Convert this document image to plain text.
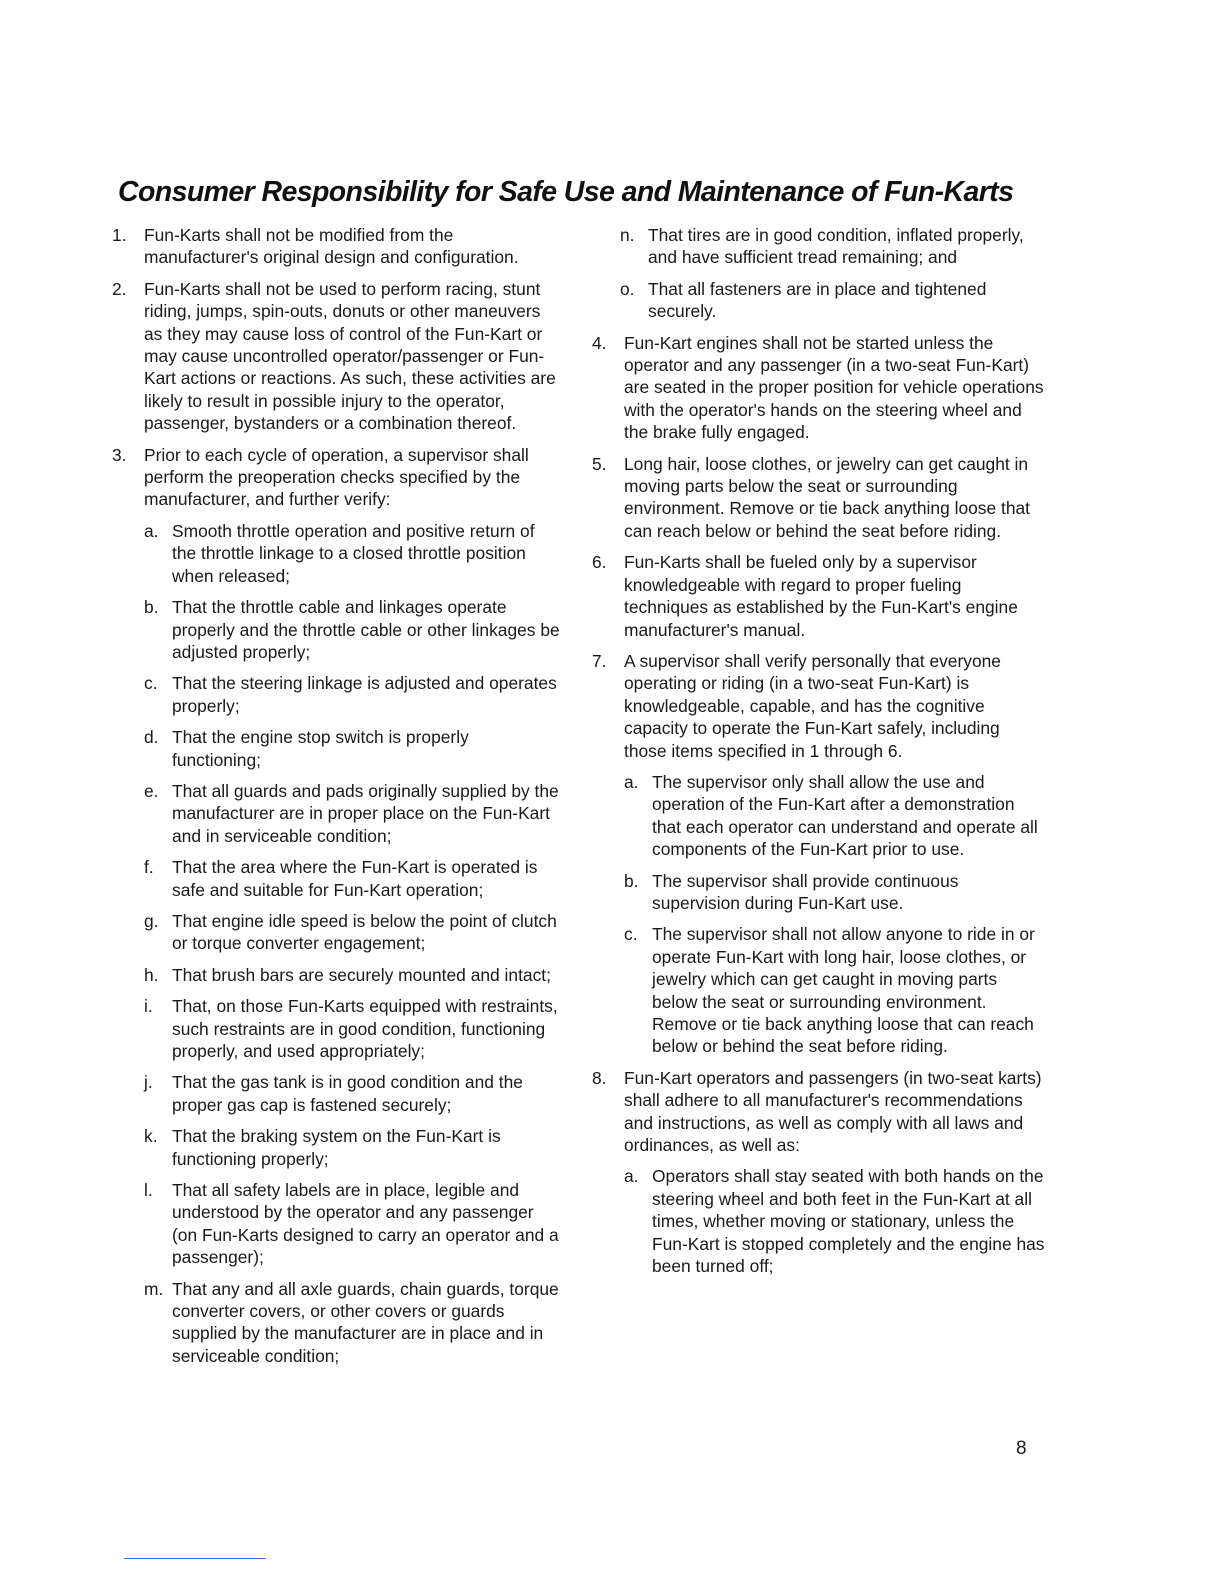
Consumer Responsibility for Safe Use and Maintenance of Fun-Karts
1. Fun-Karts shall not be modified from the manufacturer's original design and configuration.
2. Fun-Karts shall not be used to perform racing, stunt riding, jumps, spin-outs, donuts or other maneuvers as they may cause loss of control of the Fun-Kart or may cause uncontrolled operator/passenger or Fun-Kart actions or reactions. As such, these activities are likely to result in possible injury to the operator, passenger, bystanders or a combination thereof.
3. Prior to each cycle of operation, a supervisor shall perform the preoperation checks specified by the manufacturer, and further verify:
a. Smooth throttle operation and positive return of the throttle linkage to a closed throttle position when released;
b. That the throttle cable and linkages operate properly and the throttle cable or other linkages be adjusted properly;
c. That the steering linkage is adjusted and operates properly;
d. That the engine stop switch is properly functioning;
e. That all guards and pads originally supplied by the manufacturer are in proper place on the Fun-Kart and in serviceable condition;
f. That the area where the Fun-Kart is operated is safe and suitable for Fun-Kart operation;
g. That engine idle speed is below the point of clutch or torque converter engagement;
h. That brush bars are securely mounted and intact;
i. That, on those Fun-Karts equipped with restraints, such restraints are in good condition, functioning properly, and used appropriately;
j. That the gas tank is in good condition and the proper gas cap is fastened securely;
k. That the braking system on the Fun-Kart is functioning properly;
l. That all safety labels are in place, legible and understood by the operator and any passenger (on Fun-Karts designed to carry an operator and a passenger);
m. That any and all axle guards, chain guards, torque converter covers, or other covers or guards supplied by the manufacturer are in place and in serviceable condition;
n. That tires are in good condition, inflated properly, and have sufficient tread remaining; and
o. That all fasteners are in place and tightened securely.
4. Fun-Kart engines shall not be started unless the operator and any passenger (in a two-seat Fun-Kart) are seated in the proper position for vehicle operations with the operator's hands on the steering wheel and the brake fully engaged.
5. Long hair, loose clothes, or jewelry can get caught in moving parts below the seat or surrounding environment. Remove or tie back anything loose that can reach below or behind the seat before riding.
6. Fun-Karts shall be fueled only by a supervisor knowledgeable with regard to proper fueling techniques as established by the Fun-Kart's engine manufacturer's manual.
7. A supervisor shall verify personally that everyone operating or riding (in a two-seat Fun-Kart) is knowledgeable, capable, and has the cognitive capacity to operate the Fun-Kart safely, including those items specified in 1 through 6.
a. The supervisor only shall allow the use and operation of the Fun-Kart after a demonstration that each operator can understand and operate all components of the Fun-Kart prior to use.
b. The supervisor shall provide continuous supervision during Fun-Kart use.
c. The supervisor shall not allow anyone to ride in or operate Fun-Kart with long hair, loose clothes, or jewelry which can get caught in moving parts below the seat or surrounding environment. Remove or tie back anything loose that can reach below or behind the seat before riding.
8. Fun-Kart operators and passengers (in two-seat karts) shall adhere to all manufacturer's recommendations and instructions, as well as comply with all laws and ordinances, as well as:
a. Operators shall stay seated with both hands on the steering wheel and both feet in the Fun-Kart at all times, whether moving or stationary, unless the Fun-Kart is stopped completely and the engine has been turned off;
8
